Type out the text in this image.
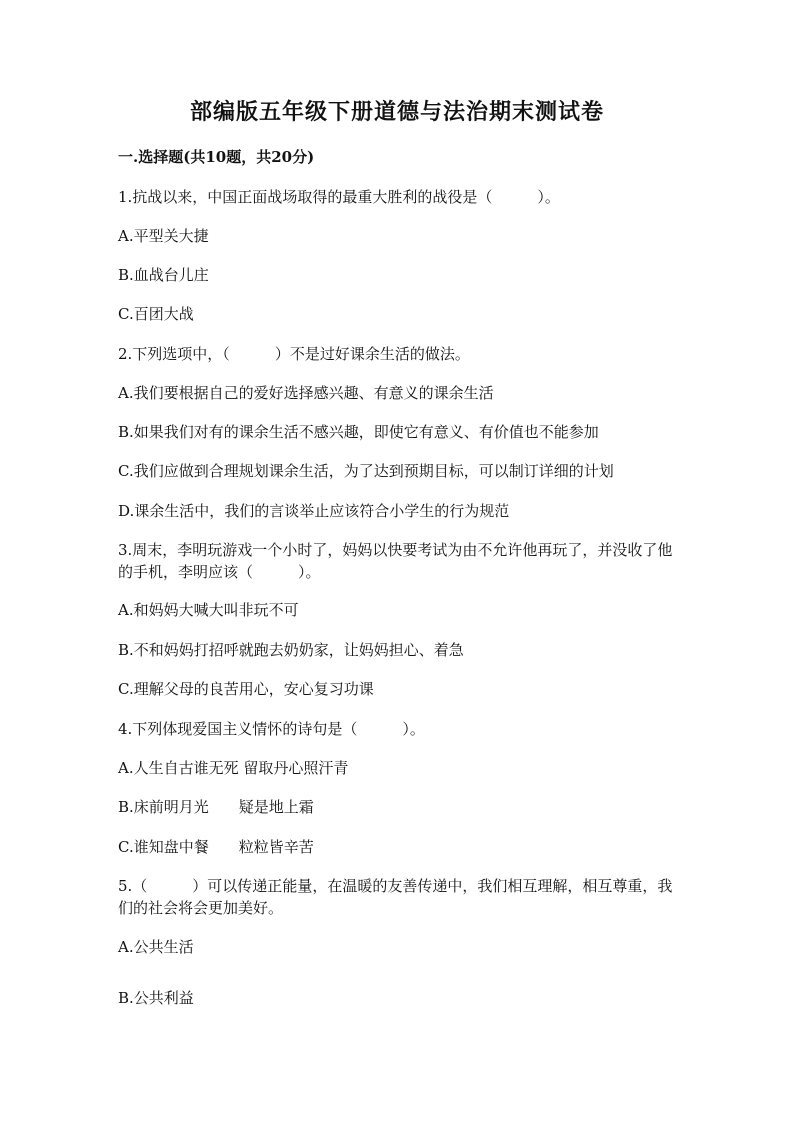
部编版五年级下册道德与法治期末测试卷
一.选择题(共10题，共20分)
1.抗战以来，中国正面战场取得的最重大胜利的战役是（　　　）。
A.平型关大捷
B.血战台儿庄
C.百团大战
2.下列选项中，（　　　）不是过好课余生活的做法。
A.我们要根据自己的爱好选择感兴趣、有意义的课余生活
B.如果我们对有的课余生活不感兴趣，即使它有意义、有价值也不能参加
C.我们应做到合理规划课余生活，为了达到预期目标，可以制订详细的计划
D.课余生活中，我们的言谈举止应该符合小学生的行为规范
3.周末，李明玩游戏一个小时了，妈妈以快要考试为由不允许他再玩了，并没收了他的手机，李明应该（　　　）。
A.和妈妈大喊大叫非玩不可
B.不和妈妈打招呼就跑去奶奶家，让妈妈担心、着急
C.理解父母的良苦用心，安心复习功课
4.下列体现爱国主义情怀的诗句是（　　　）。
A.人生自古谁无死 留取丹心照汗青
B.床前明月光　　疑是地上霜
C.谁知盘中餐　　粒粒皆辛苦
5.（　　　）可以传递正能量，在温暖的友善传递中，我们相互理解，相互尊重，我们的社会将会更加美好。
A.公共生活
B.公共利益
